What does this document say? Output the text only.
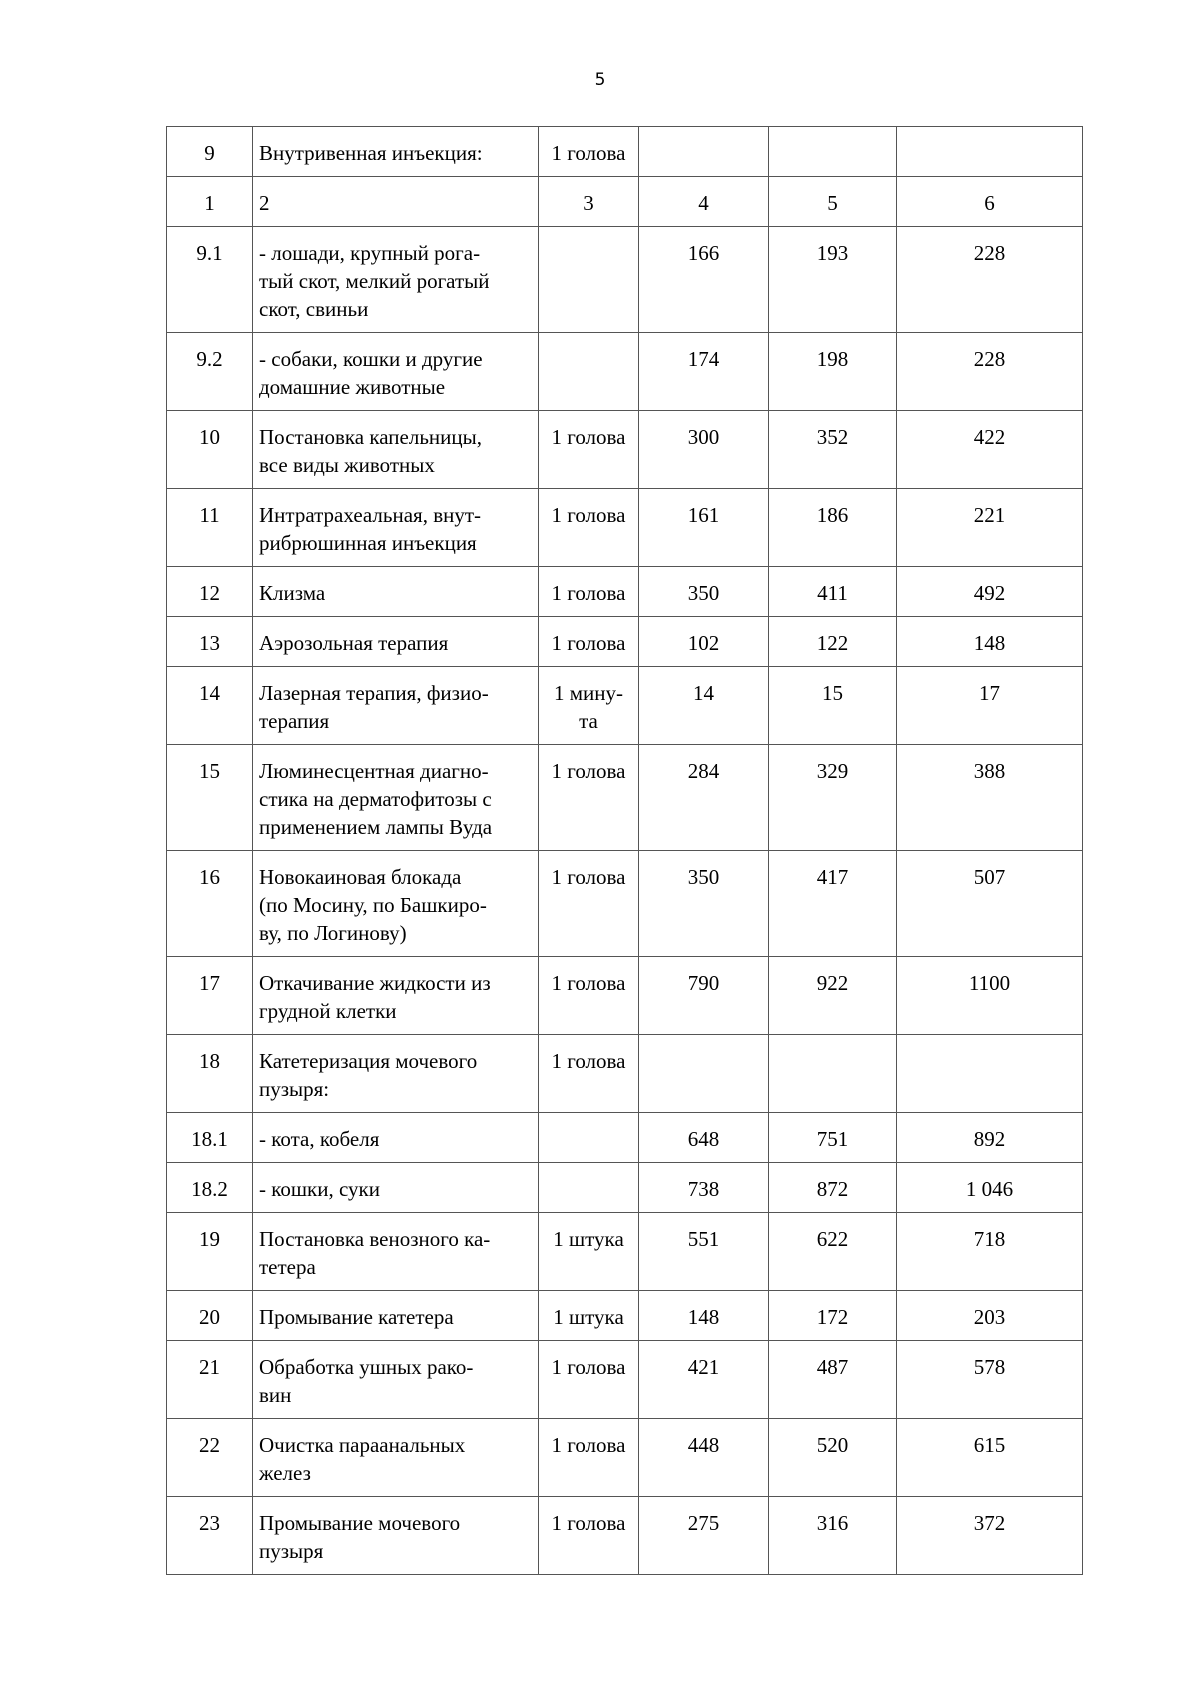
5
9	Внутривенная инъекция:	1 голова			
1	2	3	4	5	6
9.1	- лошади, крупный рога-
тый скот, мелкий рогатый
скот, свиньи		166	193	228
9.2	- собаки, кошки и другие
домашние животные		174	198	228
10	Постановка капельницы,
все виды животных	1 голова	300	352	422
11	Интратрахеальная, внут-
рибрюшинная инъекция	1 голова	161	186	221
12	Клизма	1 голова	350	411	492
13	Аэрозольная терапия	1 голова	102	122	148
14	Лазерная терапия, физио-
терапия	1 мину-
та	14	15	17
15	Люминесцентная диагно-
стика на дерматофитозы с
применением лампы Вуда	1 голова	284	329	388
16	Новокаиновая блокада
(по Мосину, по Башкиро-
ву, по Логинову)	1 голова	350	417	507
17	Откачивание жидкости из
грудной клетки	1 голова	790	922	1100
18	Катетеризация мочевого
пузыря:	1 голова			
18.1	- кота, кобеля		648	751	892
18.2	- кошки, суки		738	872	1 046
19	Постановка венозного ка-
тетера	1 штука	551	622	718
20	Промывание катетера	1 штука	148	172	203
21	Обработка ушных рако-
вин	1 голова	421	487	578
22	Очистка параанальных
желез	1 голова	448	520	615
23	Промывание мочевого
пузыря	1 голова	275	316	372
